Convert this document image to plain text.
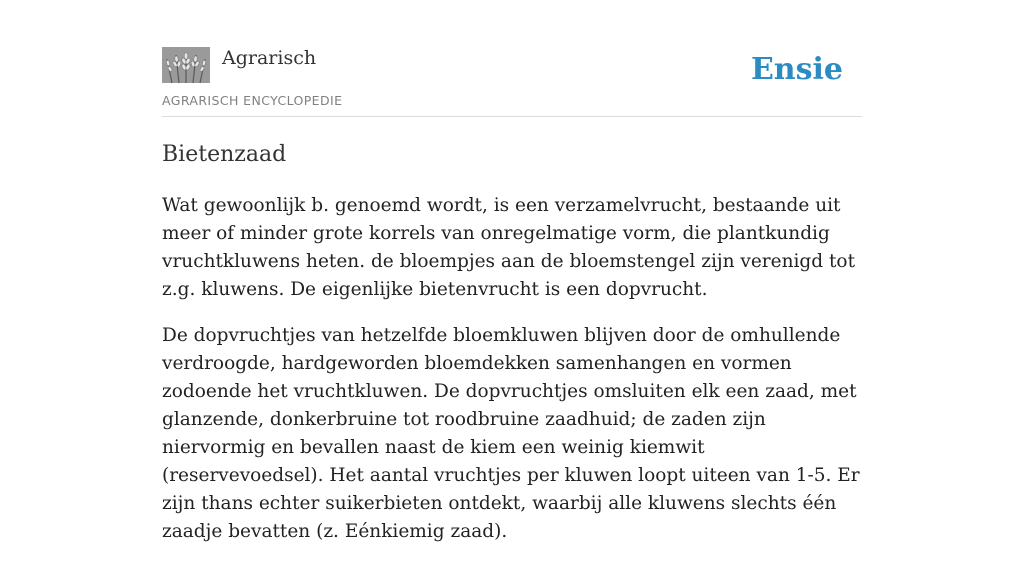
Agrarisch
AGRARISCH ENCYCLOPEDIE
Ensie
Bietenzaad

Wat gewoonlijk b. genoemd wordt, is een verzamelvrucht, bestaande uit meer of minder grote korrels van onregelmatige vorm, die plantkundig vruchtkluwens heten. de bloempjes aan de bloemstengel zijn verenigd tot z.g. kluwens. De eigenlijke bietenvrucht is een dopvrucht.

De dopvruchtjes van hetzelfde bloemkluwen blijven door de omhullende verdroogde, hardgeworden bloemdekken samenhangen en vormen zodoende het vruchtkluwen. De dopvruchtjes omsluiten elk een zaad, met glanzende, donkerbruine tot roodbruine zaadhuid; de zaden zijn niervormig en bevallen naast de kiem een weinig kiemwit (reservevoedsel). Het aantal vruchtjes per kluwen loopt uiteen van 1-5. Er zijn thans echter suikerbieten ontdekt, waarbij alle kluwens slechts één zaadje bevatten (z. Eénkiemig zaad).
